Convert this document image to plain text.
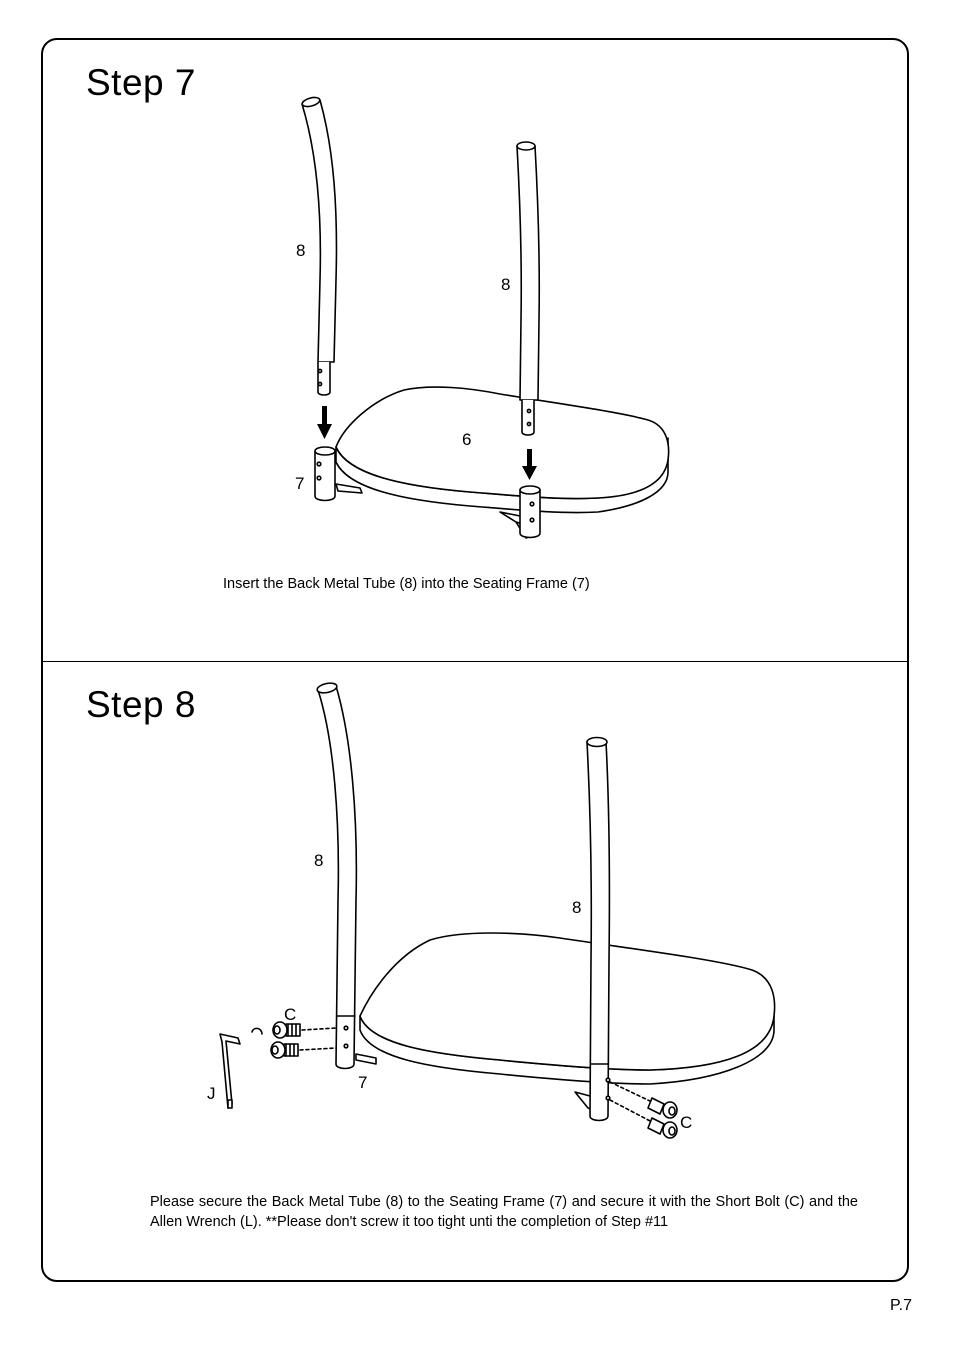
Step 7
Step 8
8
8
6
7
8
8
C
7
C
J
Insert the Back Metal Tube (8) into the Seating Frame (7)
Please secure the Back Metal Tube (8) to the Seating Frame (7) and secure it with the Short Bolt (C) and the Allen Wrench (L). **Please don't screw it too tight unti the completion of Step #11
P.7
